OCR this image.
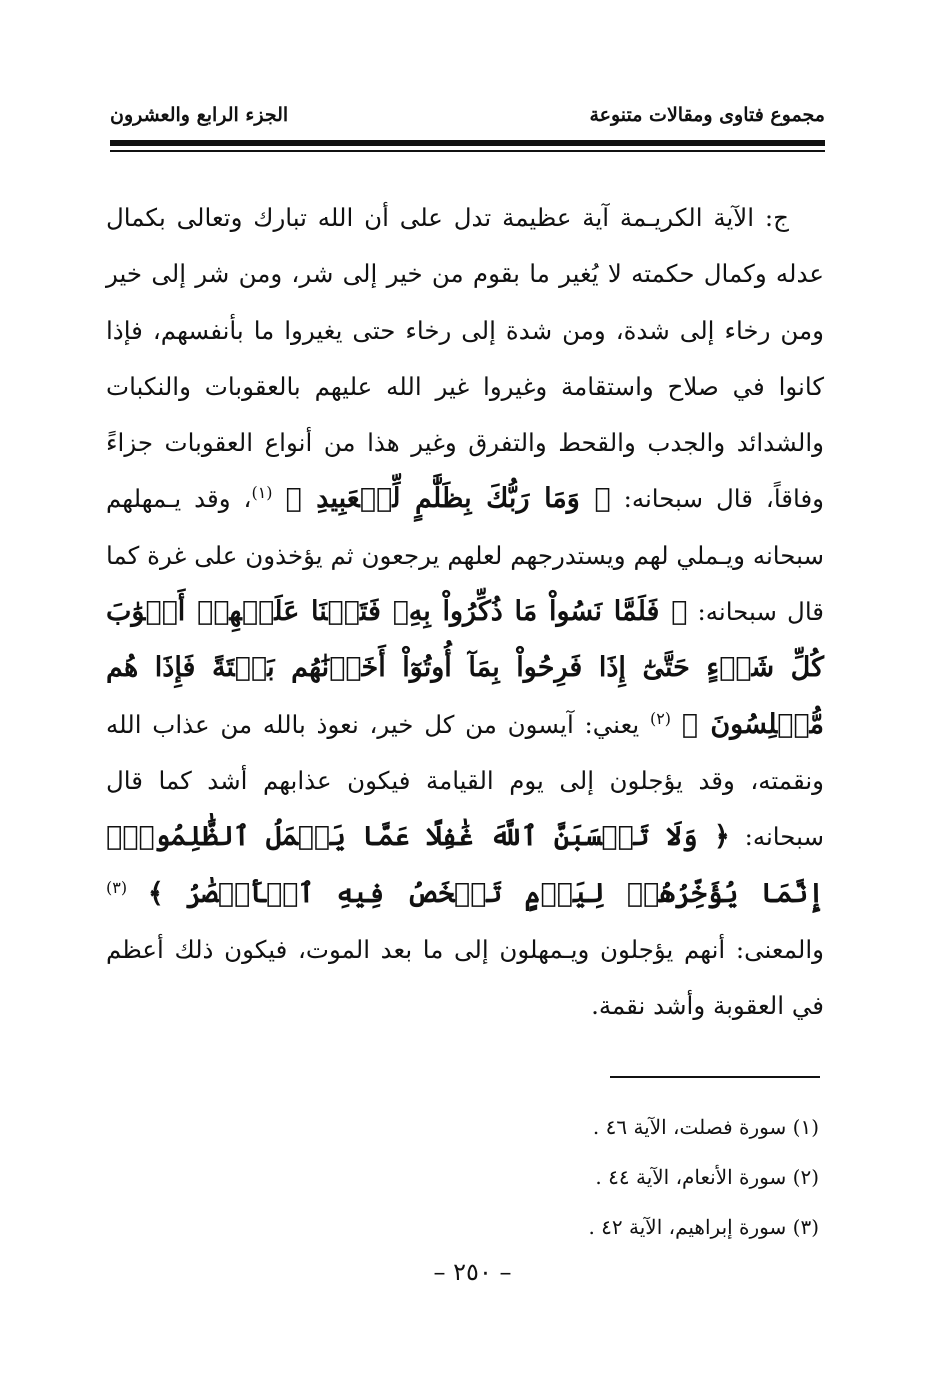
مجموع فتاوى ومقالات متنوعة
الجزء الرابع والعشرون

ج: الآية الكريـمة آية عظيمة تدل على أن الله تبارك وتعالى بكمال عدله وكمال حكمته لا يُغير ما بقوم من خير إلى شر، ومن شر إلى خير ومن رخاء إلى شدة، ومن شدة إلى رخاء حتى يغيروا ما بأنفسهم، فإذا كانوا في صلاح واستقامة وغيروا غير الله عليهم بالعقوبات والنكبات والشدائد والجدب والقحط والتفرق وغير هذا من أنواع العقوبات جزاءً وفاقاً، قال سبحانه: ﴿ وَمَا رَبُّكَ بِظَلَّٰمٍ لِّلۡعَبِيدِ ﴾ $^{(١)}$، وقد يـمهلهم سبحانه ويـملي لهم ويستدرجهم لعلهم يرجعون ثم يؤخذون على غرة كما قال سبحانه: ﴿ فَلَمَّا نَسُواْ مَا ذُكِّرُواْ بِهِۦ فَتَحۡنَا عَلَيۡهِمۡ أَبۡوَٰبَ كُلِّ شَيۡءٍ حَتَّىٰٓ إِذَا فَرِحُواْ بِمَآ أُوتُوٓاْ أَخَذۡنَٰهُم بَغۡتَةً فَإِذَا هُم مُّبۡلِسُونَ ﴾ $^{(٢)}$ يعني: آيسون من كل خير، نعوذ بالله من عذاب الله ونقمته، وقد يؤجلون إلى يوم القيامة فيكون عذابهم أشد كما قال سبحانه: ﴿ وَلَا تَحۡسَبَنَّ ٱللَّهَ غَٰفِلًا عَمَّا يَعۡمَلُ ٱلظَّٰلِمُونَۚ إِنَّمَا يُؤَخِّرُهُمۡ لِيَوۡمٍ تَشۡخَصُ فِيهِ ٱلۡأَبۡصَٰرُ ﴾ $^{(٣)}$ والمعنى: أنهم يؤجلون ويـمهلون إلى ما بعد الموت، فيكون ذلك أعظم في العقوبة وأشد نقمة.

(١) سورة فصلت، الآية ٤٦ .
(٢) سورة الأنعام، الآية ٤٤ .
(٣) سورة إبراهيم، الآية ٤٢ .
– ٢٥٠ –
